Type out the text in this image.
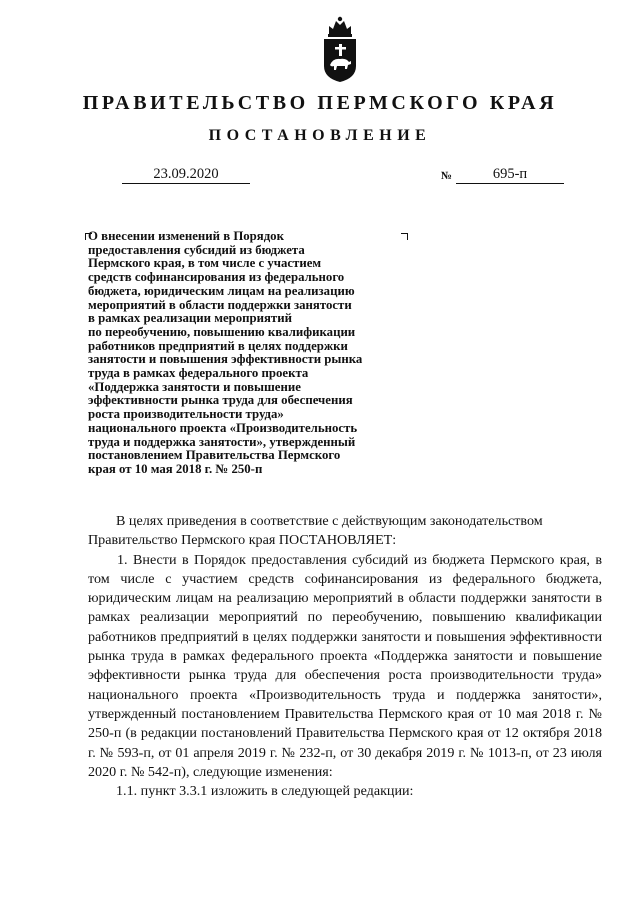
ПРАВИТЕЛЬСТВО ПЕРМСКОГО КРАЯ
ПОСТАНОВЛЕНИЕ
23.09.2020	№	695-п
О внесении изменений в Порядок
предоставления субсидий из бюджета
Пермского края, в том числе с участием
средств софинансирования из федерального
бюджета, юридическим лицам на реализацию
мероприятий в области поддержки занятости
в рамках реализации мероприятий
по переобучению, повышению квалификации
работников предприятий в целях поддержки
занятости и повышения эффективности рынка
труда в рамках федерального проекта
«Поддержка занятости и повышение
эффективности рынка труда для обеспечения
роста производительности труда»
национального проекта «Производительность
труда и поддержка занятости», утвержденный
постановлением Правительства Пермского
края от 10 мая 2018 г. № 250-п

В целях приведения в соответствие с действующим законодательством

Правительство Пермского края ПОСТАНОВЛЯЕТ:

1. Внести в Порядок предоставления субсидий из бюджета Пермского края, в том числе с участием средств софинансирования из федерального бюджета, юридическим лицам на реализацию мероприятий в области поддержки занятости в рамках реализации мероприятий по переобучению, повышению квалификации работников предприятий в целях поддержки занятости и повышения эффективности рынка труда в рамках федерального проекта «Поддержка занятости и повышение эффективности рынка труда для обеспечения роста производительности труда» национального проекта «Производительность труда и поддержка занятости», утвержденный постановлением Правительства Пермского края от 10 мая 2018 г. № 250-п (в редакции постановлений Правительства Пермского края от 12 октября 2018 г. № 593-п, от 01 апреля 2019 г. № 232-п, от 30 декабря 2019 г. № 1013-п, от 23 июля 2020 г. № 542-п), следующие изменения:

1.1. пункт 3.3.1 изложить в следующей редакции:
